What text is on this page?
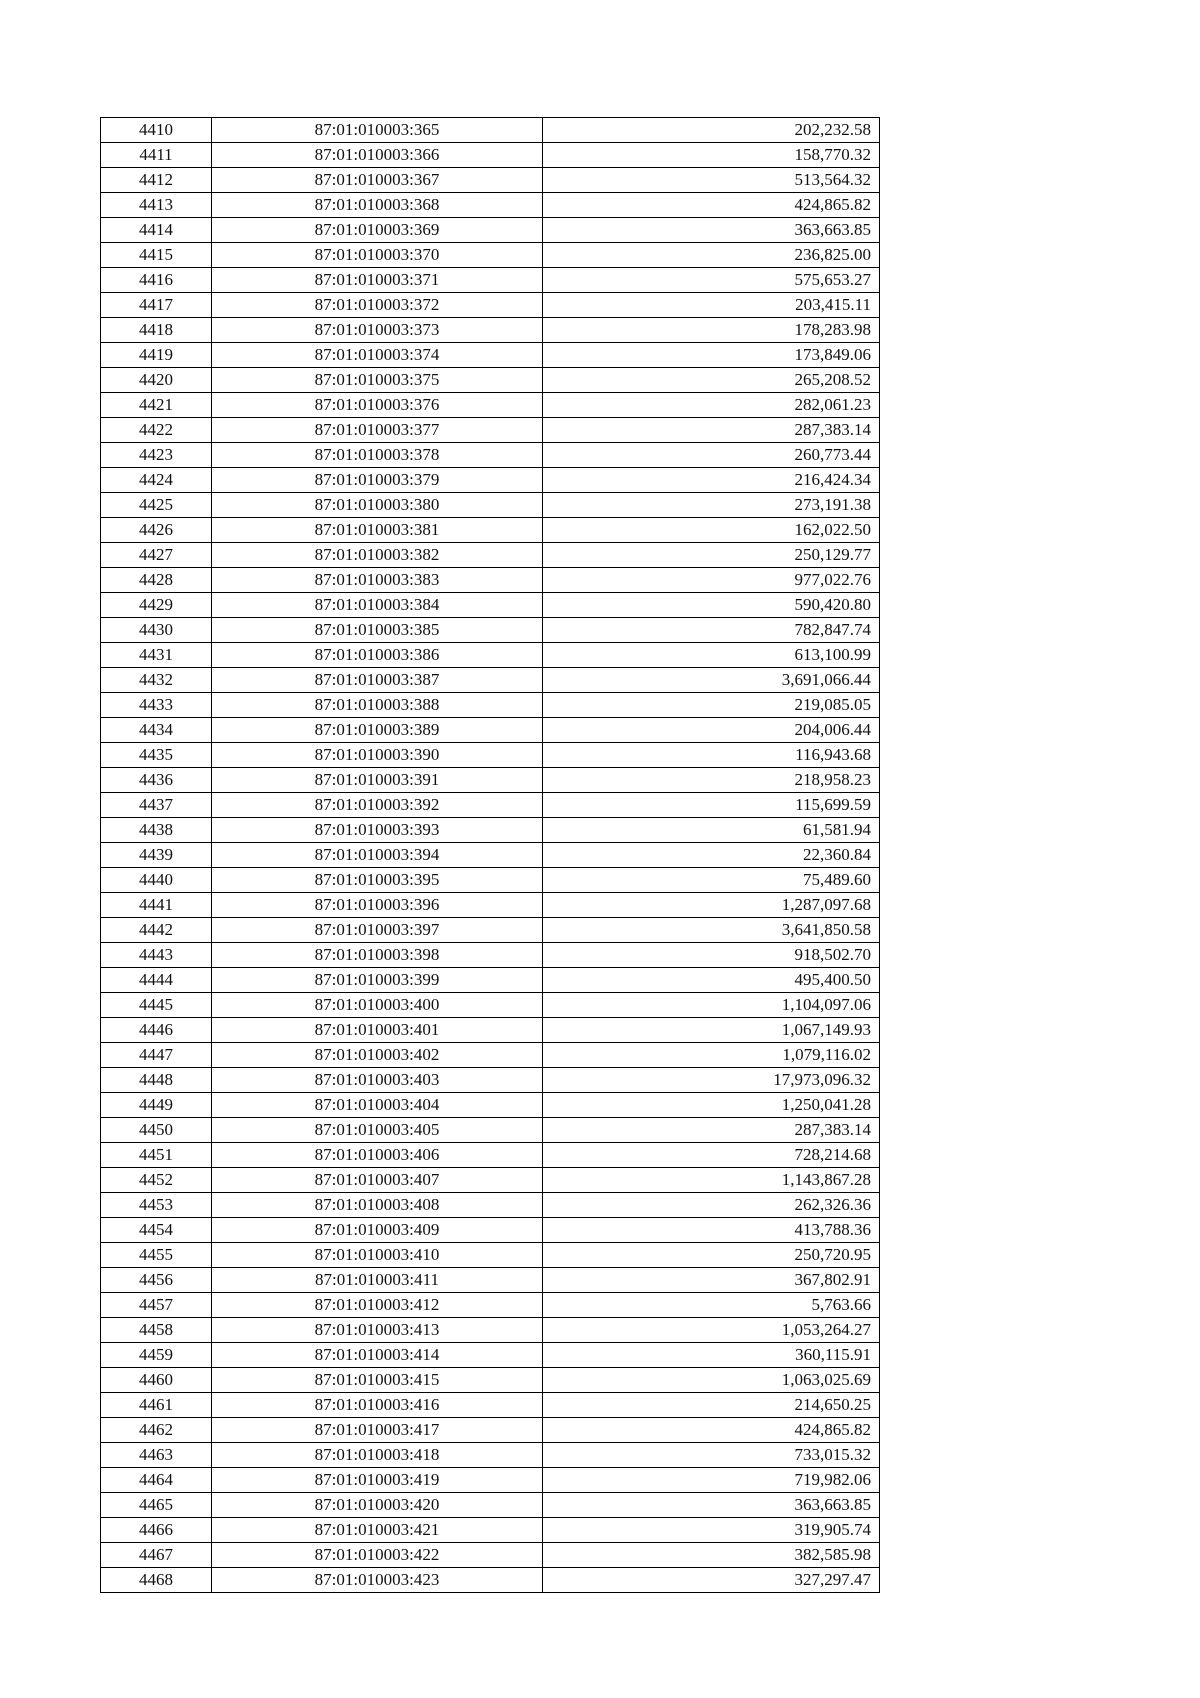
4410	87:01:010003:365	202,232.58
4411	87:01:010003:366	158,770.32
4412	87:01:010003:367	513,564.32
4413	87:01:010003:368	424,865.82
4414	87:01:010003:369	363,663.85
4415	87:01:010003:370	236,825.00
4416	87:01:010003:371	575,653.27
4417	87:01:010003:372	203,415.11
4418	87:01:010003:373	178,283.98
4419	87:01:010003:374	173,849.06
4420	87:01:010003:375	265,208.52
4421	87:01:010003:376	282,061.23
4422	87:01:010003:377	287,383.14
4423	87:01:010003:378	260,773.44
4424	87:01:010003:379	216,424.34
4425	87:01:010003:380	273,191.38
4426	87:01:010003:381	162,022.50
4427	87:01:010003:382	250,129.77
4428	87:01:010003:383	977,022.76
4429	87:01:010003:384	590,420.80
4430	87:01:010003:385	782,847.74
4431	87:01:010003:386	613,100.99
4432	87:01:010003:387	3,691,066.44
4433	87:01:010003:388	219,085.05
4434	87:01:010003:389	204,006.44
4435	87:01:010003:390	116,943.68
4436	87:01:010003:391	218,958.23
4437	87:01:010003:392	115,699.59
4438	87:01:010003:393	61,581.94
4439	87:01:010003:394	22,360.84
4440	87:01:010003:395	75,489.60
4441	87:01:010003:396	1,287,097.68
4442	87:01:010003:397	3,641,850.58
4443	87:01:010003:398	918,502.70
4444	87:01:010003:399	495,400.50
4445	87:01:010003:400	1,104,097.06
4446	87:01:010003:401	1,067,149.93
4447	87:01:010003:402	1,079,116.02
4448	87:01:010003:403	17,973,096.32
4449	87:01:010003:404	1,250,041.28
4450	87:01:010003:405	287,383.14
4451	87:01:010003:406	728,214.68
4452	87:01:010003:407	1,143,867.28
4453	87:01:010003:408	262,326.36
4454	87:01:010003:409	413,788.36
4455	87:01:010003:410	250,720.95
4456	87:01:010003:411	367,802.91
4457	87:01:010003:412	5,763.66
4458	87:01:010003:413	1,053,264.27
4459	87:01:010003:414	360,115.91
4460	87:01:010003:415	1,063,025.69
4461	87:01:010003:416	214,650.25
4462	87:01:010003:417	424,865.82
4463	87:01:010003:418	733,015.32
4464	87:01:010003:419	719,982.06
4465	87:01:010003:420	363,663.85
4466	87:01:010003:421	319,905.74
4467	87:01:010003:422	382,585.98
4468	87:01:010003:423	327,297.47
